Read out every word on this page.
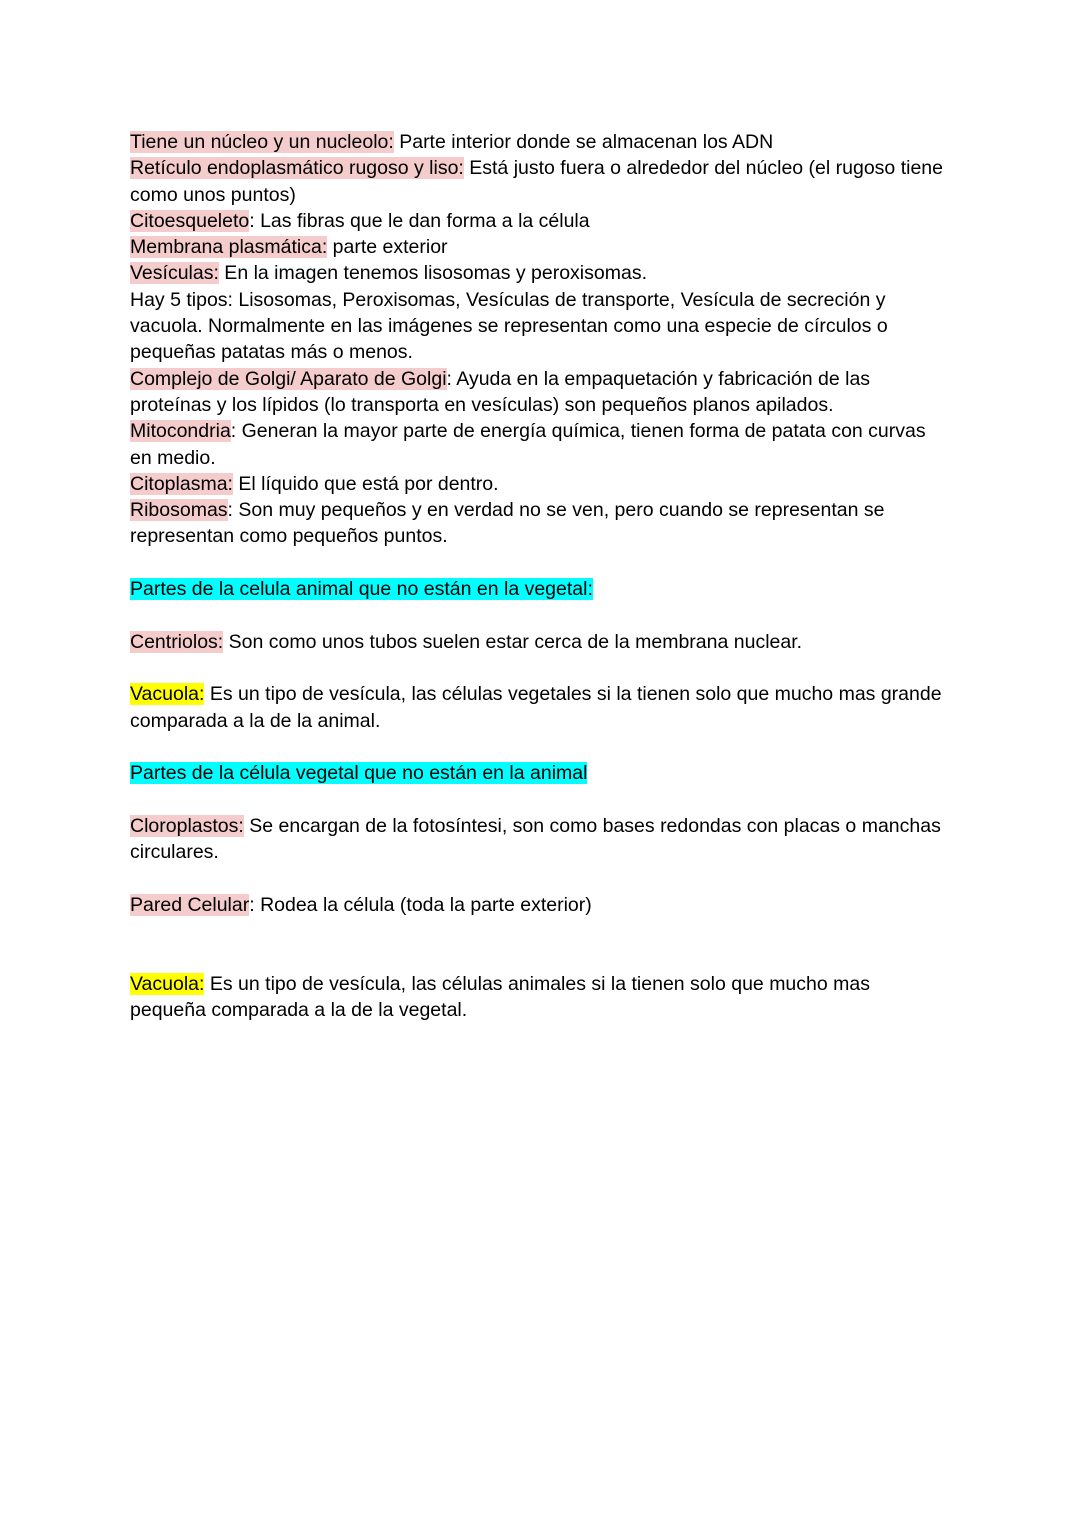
Tiene un núcleo y un nucleolo: Parte interior donde se almacenan los ADN

Retículo endoplasmático rugoso y liso: Está justo fuera o alrededor del núcleo (el rugoso tiene como unos puntos)

Citoesqueleto: Las fibras que le dan forma a la célula

Membrana plasmática: parte exterior

Vesículas: En la imagen tenemos lisosomas y peroxisomas.

Hay 5 tipos: Lisosomas, Peroxisomas, Vesículas de transporte, Vesícula de secreción y vacuola. Normalmente en las imágenes se representan como una especie de círculos o pequeñas patatas más o menos.

Complejo de Golgi/ Aparato de Golgi: Ayuda en la empaquetación y fabricación de las proteínas y los lípidos (lo transporta en vesículas) son pequeños planos apilados.

Mitocondria: Generan la mayor parte de energía química, tienen forma de patata con curvas en medio.

Citoplasma: El líquido que está por dentro.

Ribosomas: Son muy pequeños y en verdad no se ven, pero cuando se representan se representan como pequeños puntos.

Partes de la celula animal que no están en la vegetal:

Centriolos: Son como unos tubos suelen estar cerca de la membrana nuclear.

Vacuola: Es un tipo de vesícula, las células vegetales si la tienen solo que mucho mas grande comparada a la de la animal.

Partes de la célula vegetal que no están en la animal

Cloroplastos: Se encargan de la fotosíntesi, son como bases redondas con placas o manchas circulares.

Pared Celular: Rodea la célula (toda la parte exterior)

Vacuola: Es un tipo de vesícula, las células animales si la tienen solo que mucho mas pequeña comparada a la de la vegetal.
